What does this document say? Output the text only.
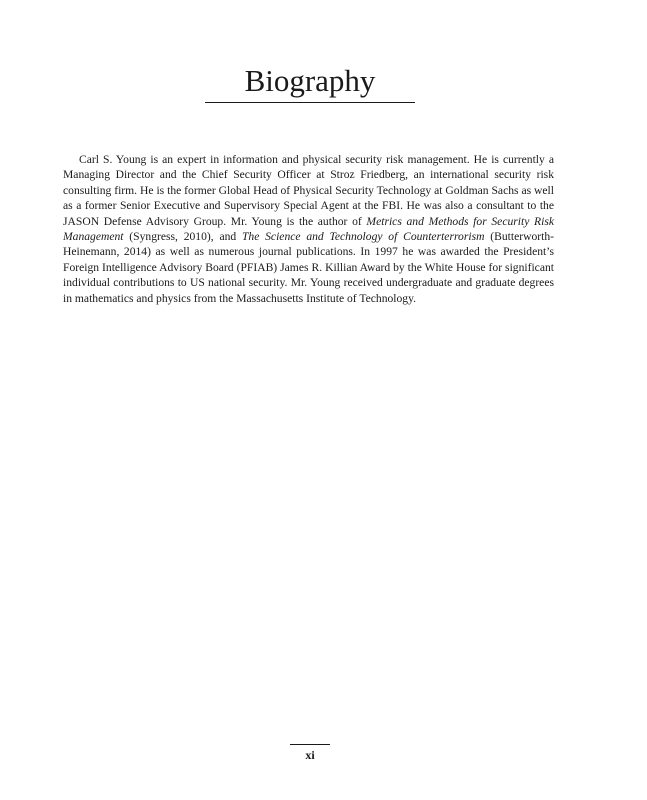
Biography

Carl S. Young is an expert in information and physical security risk management. He is currently a Managing Director and the Chief Security Officer at Stroz Friedberg, an international security risk consulting firm. He is the former Global Head of Physical Security Technology at Goldman Sachs as well as a former Senior Executive and Supervisory Special Agent at the FBI. He was also a consultant to the JASON Defense Advisory Group. Mr. Young is the author of Metrics and Methods for Security Risk Management (Syngress, 2010), and The Science and Technology of Counterterrorism (Butterworth-Heinemann, 2014) as well as numerous journal publications. In 1997 he was awarded the President’s Foreign Intelligence Advisory Board (PFIAB) James R. Killian Award by the White House for significant individual contributions to US national security. Mr. Young received undergraduate and graduate degrees in mathematics and physics from the Massachusetts Institute of Technology.

xi
